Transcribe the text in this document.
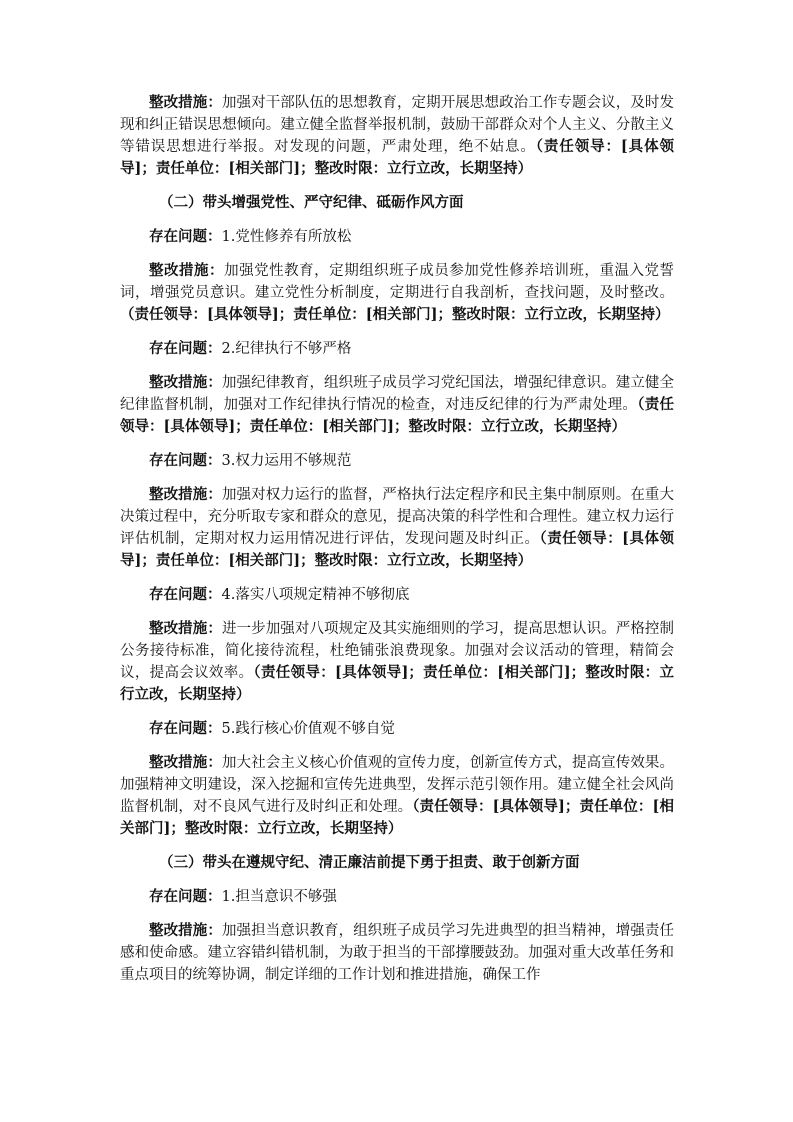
整改措施：加强对干部队伍的思想教育，定期开展思想政治工作专题会议，及时发现和纠正错误思想倾向。建立健全监督举报机制，鼓励干部群众对个人主义、分散主义等错误思想进行举报。对发现的问题，严肃处理，绝不姑息。（责任领导：[具体领导]；责任单位：[相关部门]；整改时限：立行立改，长期坚持）

（二）带头增强党性、严守纪律、砥砺作风方面

存在问题：1.党性修养有所放松

整改措施：加强党性教育，定期组织班子成员参加党性修养培训班，重温入党誓词，增强党员意识。建立党性分析制度，定期进行自我剖析，查找问题，及时整改。（责任领导：[具体领导]；责任单位：[相关部门]；整改时限：立行立改，长期坚持）

存在问题：2.纪律执行不够严格

整改措施：加强纪律教育，组织班子成员学习党纪国法，增强纪律意识。建立健全纪律监督机制，加强对工作纪律执行情况的检查，对违反纪律的行为严肃处理。（责任领导：[具体领导]；责任单位：[相关部门]；整改时限：立行立改，长期坚持）

存在问题：3.权力运用不够规范

整改措施：加强对权力运行的监督，严格执行法定程序和民主集中制原则。在重大决策过程中，充分听取专家和群众的意见，提高决策的科学性和合理性。建立权力运行评估机制，定期对权力运用情况进行评估，发现问题及时纠正。（责任领导：[具体领导]；责任单位：[相关部门]；整改时限：立行立改，长期坚持）

存在问题：4.落实八项规定精神不够彻底

整改措施：进一步加强对八项规定及其实施细则的学习，提高思想认识。严格控制公务接待标准，简化接待流程，杜绝铺张浪费现象。加强对会议活动的管理，精简会议，提高会议效率。（责任领导：[具体领导]；责任单位：[相关部门]；整改时限：立行立改，长期坚持）

存在问题：5.践行核心价值观不够自觉

整改措施：加大社会主义核心价值观的宣传力度，创新宣传方式，提高宣传效果。加强精神文明建设，深入挖掘和宣传先进典型，发挥示范引领作用。建立健全社会风尚监督机制，对不良风气进行及时纠正和处理。（责任领导：[具体领导]；责任单位：[相关部门]；整改时限：立行立改，长期坚持）

（三）带头在遵规守纪、清正廉洁前提下勇于担责、敢于创新方面

存在问题：1.担当意识不够强

整改措施：加强担当意识教育，组织班子成员学习先进典型的担当精神，增强责任感和使命感。建立容错纠错机制，为敢于担当的干部撑腰鼓劲。加强对重大改革任务和重点项目的统筹协调，制定详细的工作计划和推进措施，确保工作
